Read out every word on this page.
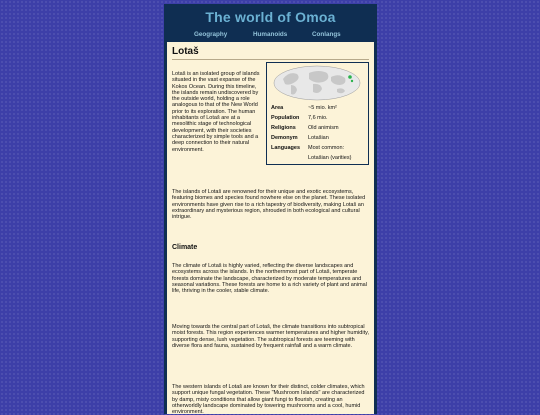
The world of Omoa
Geography	Humanoids	Conlangs
Lotaš
Area	~5 mio. km²
Population 7,6 mio.
Religions Old animism
Demonym Lotašian
Languages Most common:
Lotašian (varities)

Lotaš is an isolated group of islands situated in the vast expanse of the Kokos Ocean. During this timeline, the islands remain undiscovered by the outside world, holding a role analogous to that of the New World prior to its exploration. The human inhabitants of Lotaš are at a mesolithic stage of technological development, with their societies characterized by simple tools and a deep connection to their natural environment.

The islands of Lotaš are renowned for their unique and exotic ecosystems, featuring biomes and species found nowhere else on the planet. These isolated environments have given rise to a rich tapestry of biodiversity, making Lotaš an extraordinary and mysterious region, shrouded in both ecological and cultural intrigue.

Climate

The climate of Lotaš is highly varied, reflecting the diverse landscapes and ecosystems across the islands. In the northernmost part of Lotaš, temperate forests dominate the landscape, characterized by moderate temperatures and seasonal variations. These forests are home to a rich variety of plant and animal life, thriving in the cooler, stable climate.

Moving towards the central part of Lotaš, the climate transitions into subtropical moist forests. This region experiences warmer temperatures and higher humidity, supporting dense, lush vegetation. The subtropical forests are teeming with diverse flora and fauna, sustained by frequent rainfall and a warm climate.

The western islands of Lotaš are known for their distinct, colder climates, which support unique fungal vegetation. These "Mushroom Islands" are characterized by damp, misty conditions that allow giant fungi to flourish, creating an otherworldly landscape dominated by towering mushrooms and a cool, humid environment.
